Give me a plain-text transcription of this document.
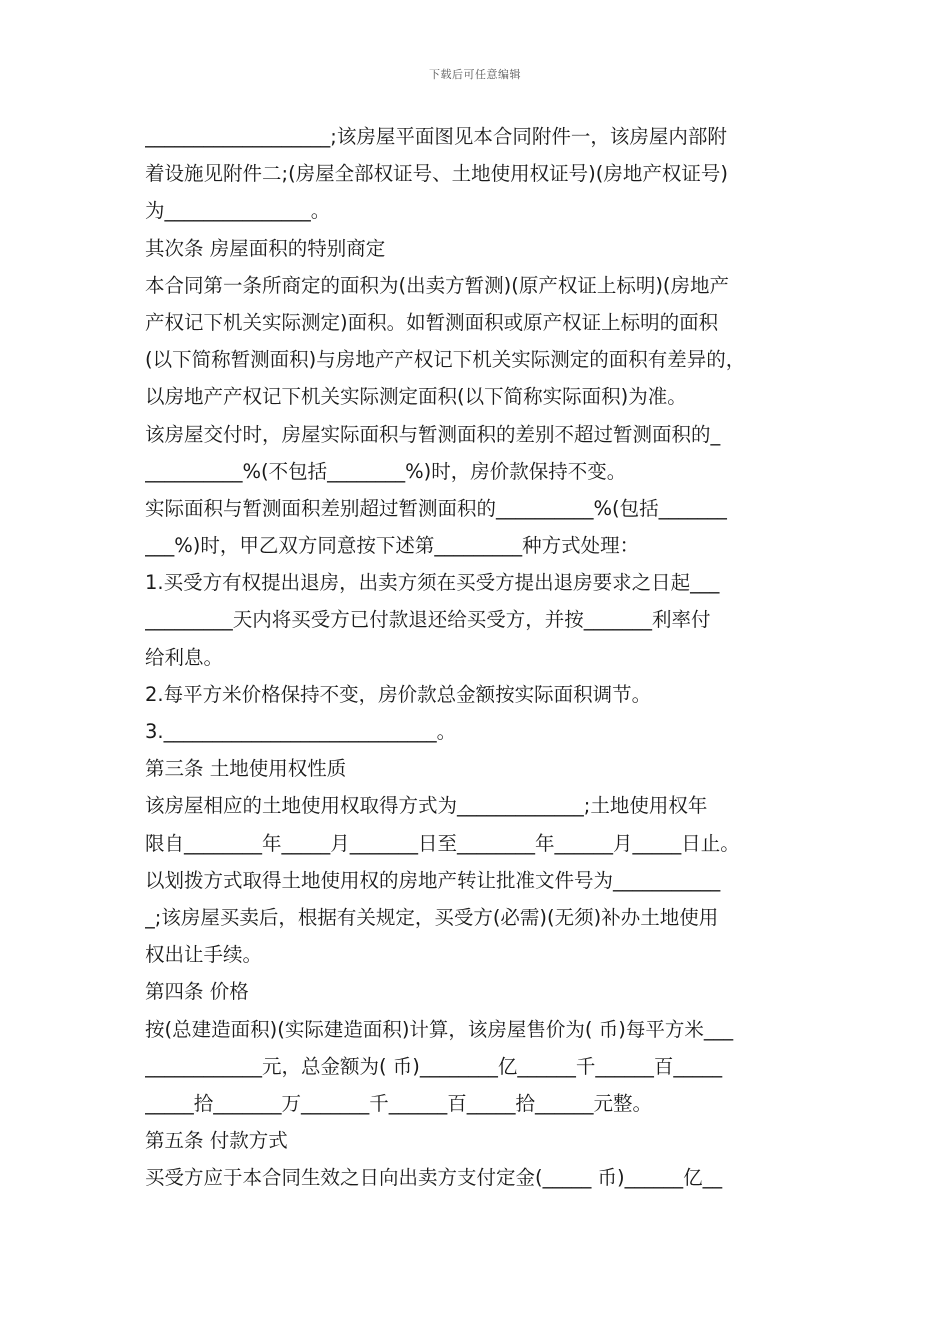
下载后可任意编辑
___________________;该房屋平面图见本合同附件一，该房屋内部附
着设施见附件二;(房屋全部权证号、土地使用权证号)(房地产权证号)
为_______________。
其次条 房屋面积的特别商定
本合同第一条所商定的面积为(出卖方暂测)(原产权证上标明)(房地产
产权记下机关实际测定)面积。如暂测面积或原产权证上标明的面积
(以下简称暂测面积)与房地产产权记下机关实际测定的面积有差异的，
以房地产产权记下机关实际测定面积(以下简称实际面积)为准。
该房屋交付时，房屋实际面积与暂测面积的差别不超过暂测面积的_
__________%(不包括________%)时，房价款保持不变。
实际面积与暂测面积差别超过暂测面积的__________%(包括_______
___%)时，甲乙双方同意按下述第_________种方式处理：
1.买受方有权提出退房，出卖方须在买受方提出退房要求之日起___
_________天内将买受方已付款退还给买受方，并按_______利率付
给利息。
2.每平方米价格保持不变，房价款总金额按实际面积调节。
3.____________________________。
第三条 土地使用权性质
该房屋相应的土地使用权取得方式为_____________;土地使用权年
限自________年_____月_______日至________年______月_____日止。
以划拨方式取得土地使用权的房地产转让批准文件号为___________
_;该房屋买卖后，根据有关规定，买受方(必需)(无须)补办土地使用
权出让手续。
第四条 价格
按(总建造面积)(实际建造面积)计算，该房屋售价为( 币)每平方米___
____________元，总金额为( 币)________亿______千______百_____
_____拾_______万_______千______百_____拾______元整。
第五条 付款方式
买受方应于本合同生效之日向出卖方支付定金(_____ 币)______亿__
